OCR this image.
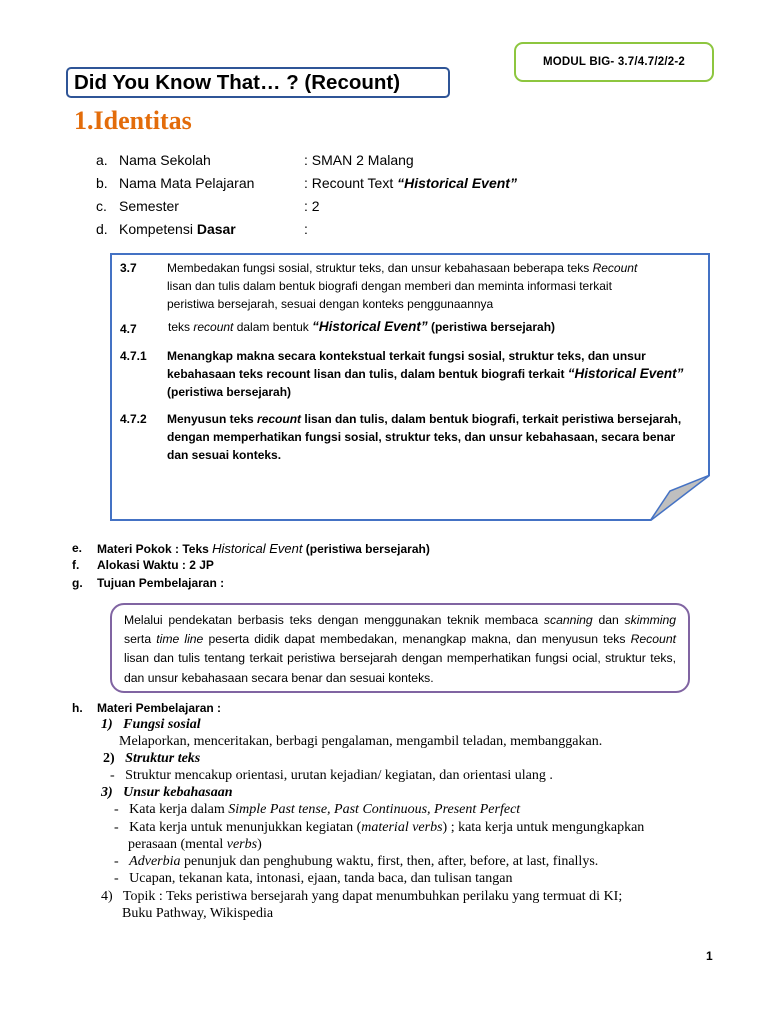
MODUL BIG- 3.7/4.7/2/2-2
Did You Know That… ? (Recount)
1.Identitas
a. Nama Sekolah	: SMAN 2 Malang
b. Nama Mata Pelajaran	: Recount Text “Historical Event”
c. Semester	: 2
d. Kompetensi Dasar	:
3.7	Membedakan fungsi sosial, struktur teks, dan unsur kebahasaan beberapa teks Recount
lisan dan tulis dalam bentuk biografi dengan memberi dan meminta informasi terkait
peristiwa bersejarah, sesuai dengan konteks penggunaannya
4.7	teks recount dalam bentuk “Historical Event” (peristiwa bersejarah)
4.7.1 Menangkap makna secara kontekstual terkait fungsi sosial, struktur teks, dan unsur
kebahasaan teks recount lisan dan tulis, dalam bentuk biografi terkait “Historical Event”
(peristiwa bersejarah)
4.7.2 Menyusun teks recount lisan dan tulis, dalam bentuk biografi, terkait peristiwa bersejarah,
dengan memperhatikan fungsi sosial, struktur teks, dan unsur kebahasaan, secara benar
dan sesuai konteks.
e. Materi Pokok : Teks Historical Event (peristiwa bersejarah)
f. Alokasi Waktu : 2 JP
g. Tujuan Pembelajaran :
Melalui pendekatan berbasis teks dengan menggunakan teknik membaca scanning dan skimming serta time line peserta didik dapat membedakan, menangkap makna, dan menyusun teks Recount lisan dan tulis tentang terkait peristiwa bersejarah dengan memperhatikan fungsi ocial, struktur teks, dan unsur kebahasaan secara benar dan sesuai konteks.
h. Materi Pembelajaran :
1) Fungsi sosial
Melaporkan, menceritakan, berbagi pengalaman, mengambil teladan, membanggakan.
2) Struktur teks
- Struktur mencakup orientasi, urutan kejadian/ kegiatan, dan orientasi ulang .
3) Unsur kebahasaan
- Kata kerja dalam Simple Past tense, Past Continuous, Present Perfect
- Kata kerja untuk menunjukkan kegiatan (material verbs) ; kata kerja untuk mengungkapkan
perasaan (mental verbs)
- Adverbia penunjuk dan penghubung waktu, first, then, after, before, at last, finallys.
- Ucapan, tekanan kata, intonasi, ejaan, tanda baca, dan tulisan tangan
4) Topik : Teks peristiwa bersejarah yang dapat menumbuhkan perilaku yang termuat di KI;
Buku Pathway, Wikispedia
1
